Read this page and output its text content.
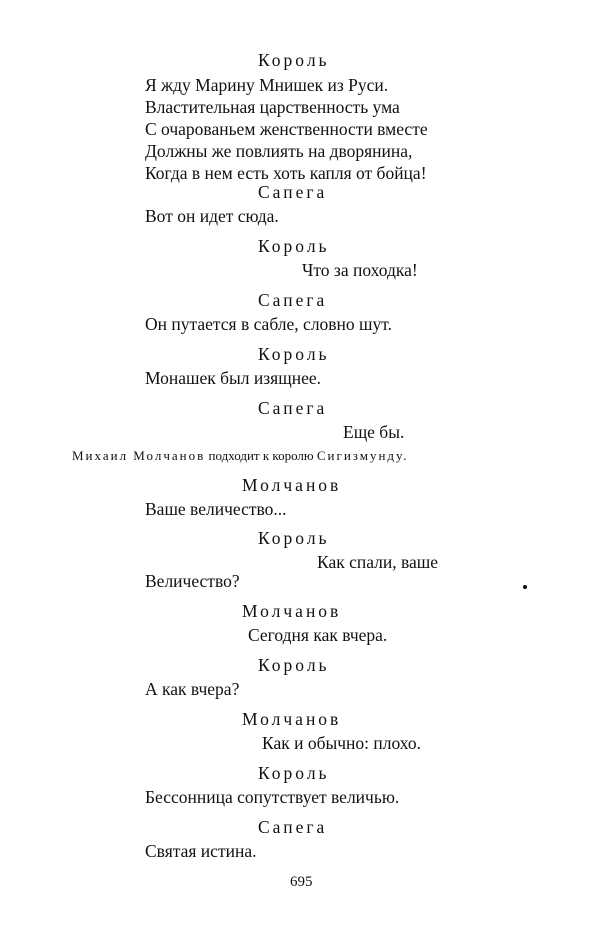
Король

Я жду Марину Мнишек из Руси.

Властительная царственность ума

С очарованьем женственности вместе

Должны же повлиять на дворянина,

Когда в нем есть хоть капля от бойца!

Сапега

Вот он идет сюда.

Король

Что за походка!

Сапега

Он путается в сабле, словно шут.

Король

Монашек был изящнее.

Сапега

Еще бы.

Михаил Молчанов подходит к королю Сигизмунду.

Молчанов

Ваше величество...

Король

Как спали, ваше

Величество?

Молчанов

Сегодня как вчера.

Король

А как вчера?

Молчанов

Как и обычно: плохо.

Король

Бессонница сопутствует величью.

Сапега

Святая истина.

695
